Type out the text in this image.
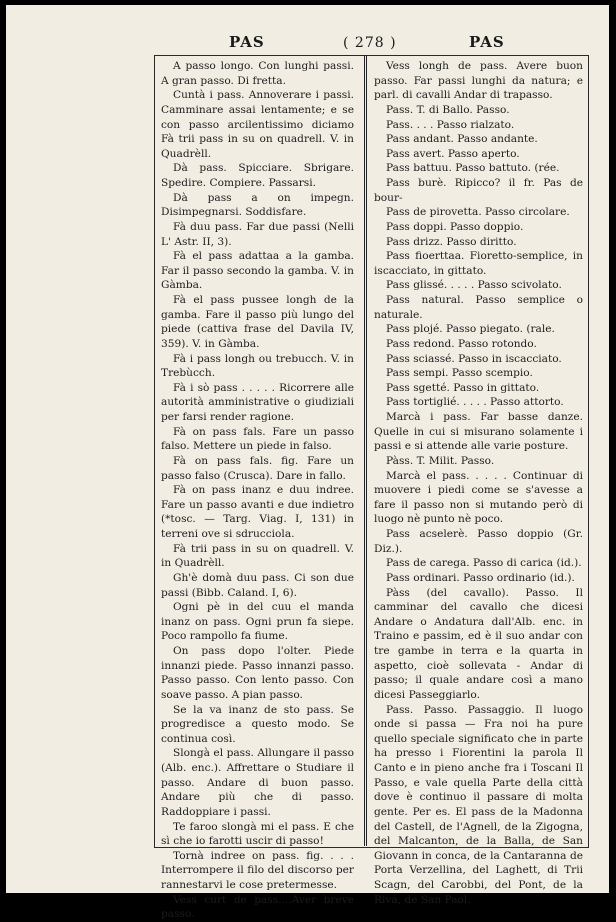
PAS	( 278 )	PAS

A passo longo. Con lunghi passi. A gran passo. Di fretta.

Cuntà i pass. Annoverare i passi. Camminare assai lentamente; e se con passo arcilentissimo diciamo Fà trii pass in su on quadrell. V. in Quadrèll.

Dà pass. Spicciare. Sbrigare. Spedire. Compiere. Passarsi.

Dà pass a on impegn. Disimpegnarsi. Soddisfare.

Fà duu pass. Far due passi (Nelli L' Astr. II, 3).

Fà el pass adattaa a la gamba. Far il passo secondo la gamba. V. in Gàmba.

Fà el pass pussee longh de la gamba. Fare il passo più lungo del piede (cattiva frase del Davila IV, 359). V. in Gàmba.

Fà i pass longh ou trebucch. V. in Trebùcch.

Fà i sò pass . . . . . Ricorrere alle autorità amministrative o giudiziali per farsi render ragione.

Fà on pass fals. Fare un passo falso. Mettere un piede in falso.

Fà on pass fals. fig. Fare un passo falso (Crusca). Dare in fallo.

Fà on pass inanz e duu indree. Fare un passo avanti e due indietro (*tosc. — Targ. Viag. I, 131) in terreni ove si sdrucciola.

Fà trii pass in su on quadrell. V. in Quadrèll.

Gh'è domà duu pass. Ci son due passi (Bibb. Caland. I, 6).

Ogni pè in del cuu el manda inanz on pass. Ogni prun fa siepe. Poco rampollo fa fiume.

On pass dopo l'olter. Piede innanzi piede. Passo innanzi passo. Passo passo. Con lento passo. Con soave passo. A pian passo.

Se la va inanz de sto pass. Se progredisce a questo modo. Se continua così.

Slongà el pass. Allungare il passo (Alb. enc.). Affrettare o Studiare il passo. Andare di buon passo. Andare più che di passo. Raddoppiare i passi.

Te faroo slongà mi el pass. E che sì che io farotti uscir di passo!

Tornà indree on pass. fig. . . . Interrompere il filo del discorso per rannestarvi le cose pretermesse.

Vess curt de pass....Aver breve passo.

Vess longh de pass. Avere buon passo. Far passi lunghi da natura; e parl. di cavalli Andar di trapasso.

Pass. T. di Ballo. Passo.

Pass. . . . Passo rialzato.

Pass andant. Passo andante.

Pass avert. Passo aperto.

Pass battuu. Passo battuto. (rée.

Pass burè. Ripicco? il fr. Pas de bour-

Pass de pirovetta. Passo circolare.

Pass doppi. Passo doppio.

Pass drizz. Passo diritto.

Pass fioerttaa. Fioretto-semplice, in iscacciato, in gittato.

Pass glissé. . . . . Passo scivolato.

Pass natural. Passo semplice o naturale.

Pass plojé. Passo piegato. (rale.

Pass redond. Passo rotondo.

Pass sciassé. Passo in iscacciato.

Pass sempi. Passo scempio.

Pass sgetté. Passo in gittato.

Pass tortiglié. . . . . Passo attorto.

Marcà i pass. Far basse danze. Quelle in cui si misurano solamente i passi e si attende alle varie posture.

Pàss. T. Milit. Passo.

Marcà el pass. . . . . Continuar di muovere i piedi come se s'avesse a fare il passo non si mutando però di luogo nè punto nè poco.

Pass acselerè. Passo doppio (Gr. Diz.).

Pass de carega. Passo di carica (id.).

Pass ordinari. Passo ordinario (id.).

Pàss (del cavallo). Passo. Il camminar del cavallo che dicesi Andare o Andatura dall'Alb. enc. in Traino e passim, ed è il suo andar con tre gambe in terra e la quarta in aspetto, cioè sollevata - Andar di passo; il quale andare così a mano dicesi Passeggiarlo.

Pass. Passo. Passaggio. Il luogo onde si passa — Fra noi ha pure quello speciale significato che in parte ha presso i Fiorentini la parola Il Canto e in pieno anche fra i Toscani Il Passo, e vale quella Parte della città dove è continuo il passare di molta gente. Per es. El pass de la Madonna del Castell, de l'Agnell, de la Zigogna, del Malcanton, de la Balla, de San Giovann in conca, de la Cantaranna de Porta Verzellina, del Laghett, di Trii Scagn, del Carobbi, del Pont, de la Riva, de San Paol.
